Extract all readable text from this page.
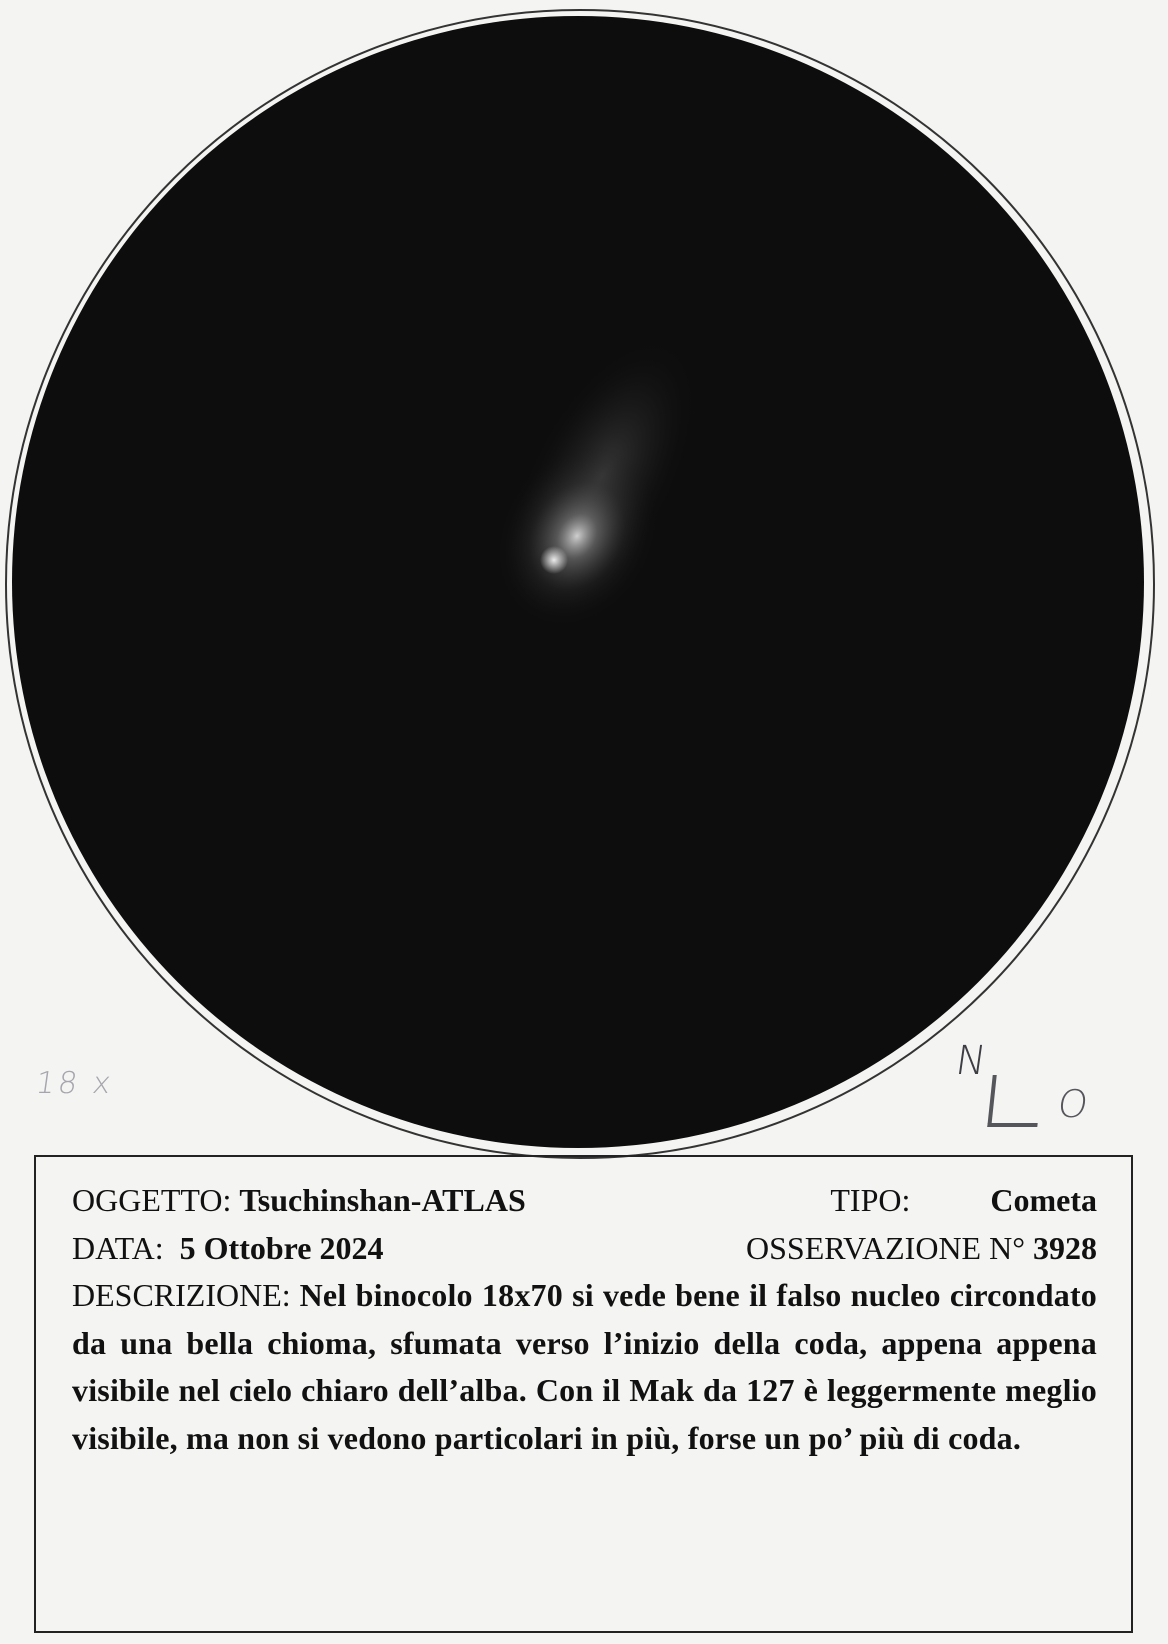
18 x	N
O
OGGETTO: Tsuchinshan-ATLAS	TIPO:	Cometa
DATA: 5 Ottobre 2024	OSSERVAZIONE N° 3928
DESCRIZIONE: Nel binocolo 18x70 si vede bene il falso nucleo circondato da una bella chioma, sfumata verso l’inizio della coda, appena appena visibile nel cielo chiaro dell’alba. Con il Mak da 127 è leggermente meglio visibile, ma non si vedono particolari in più, forse un po’ più di coda.
